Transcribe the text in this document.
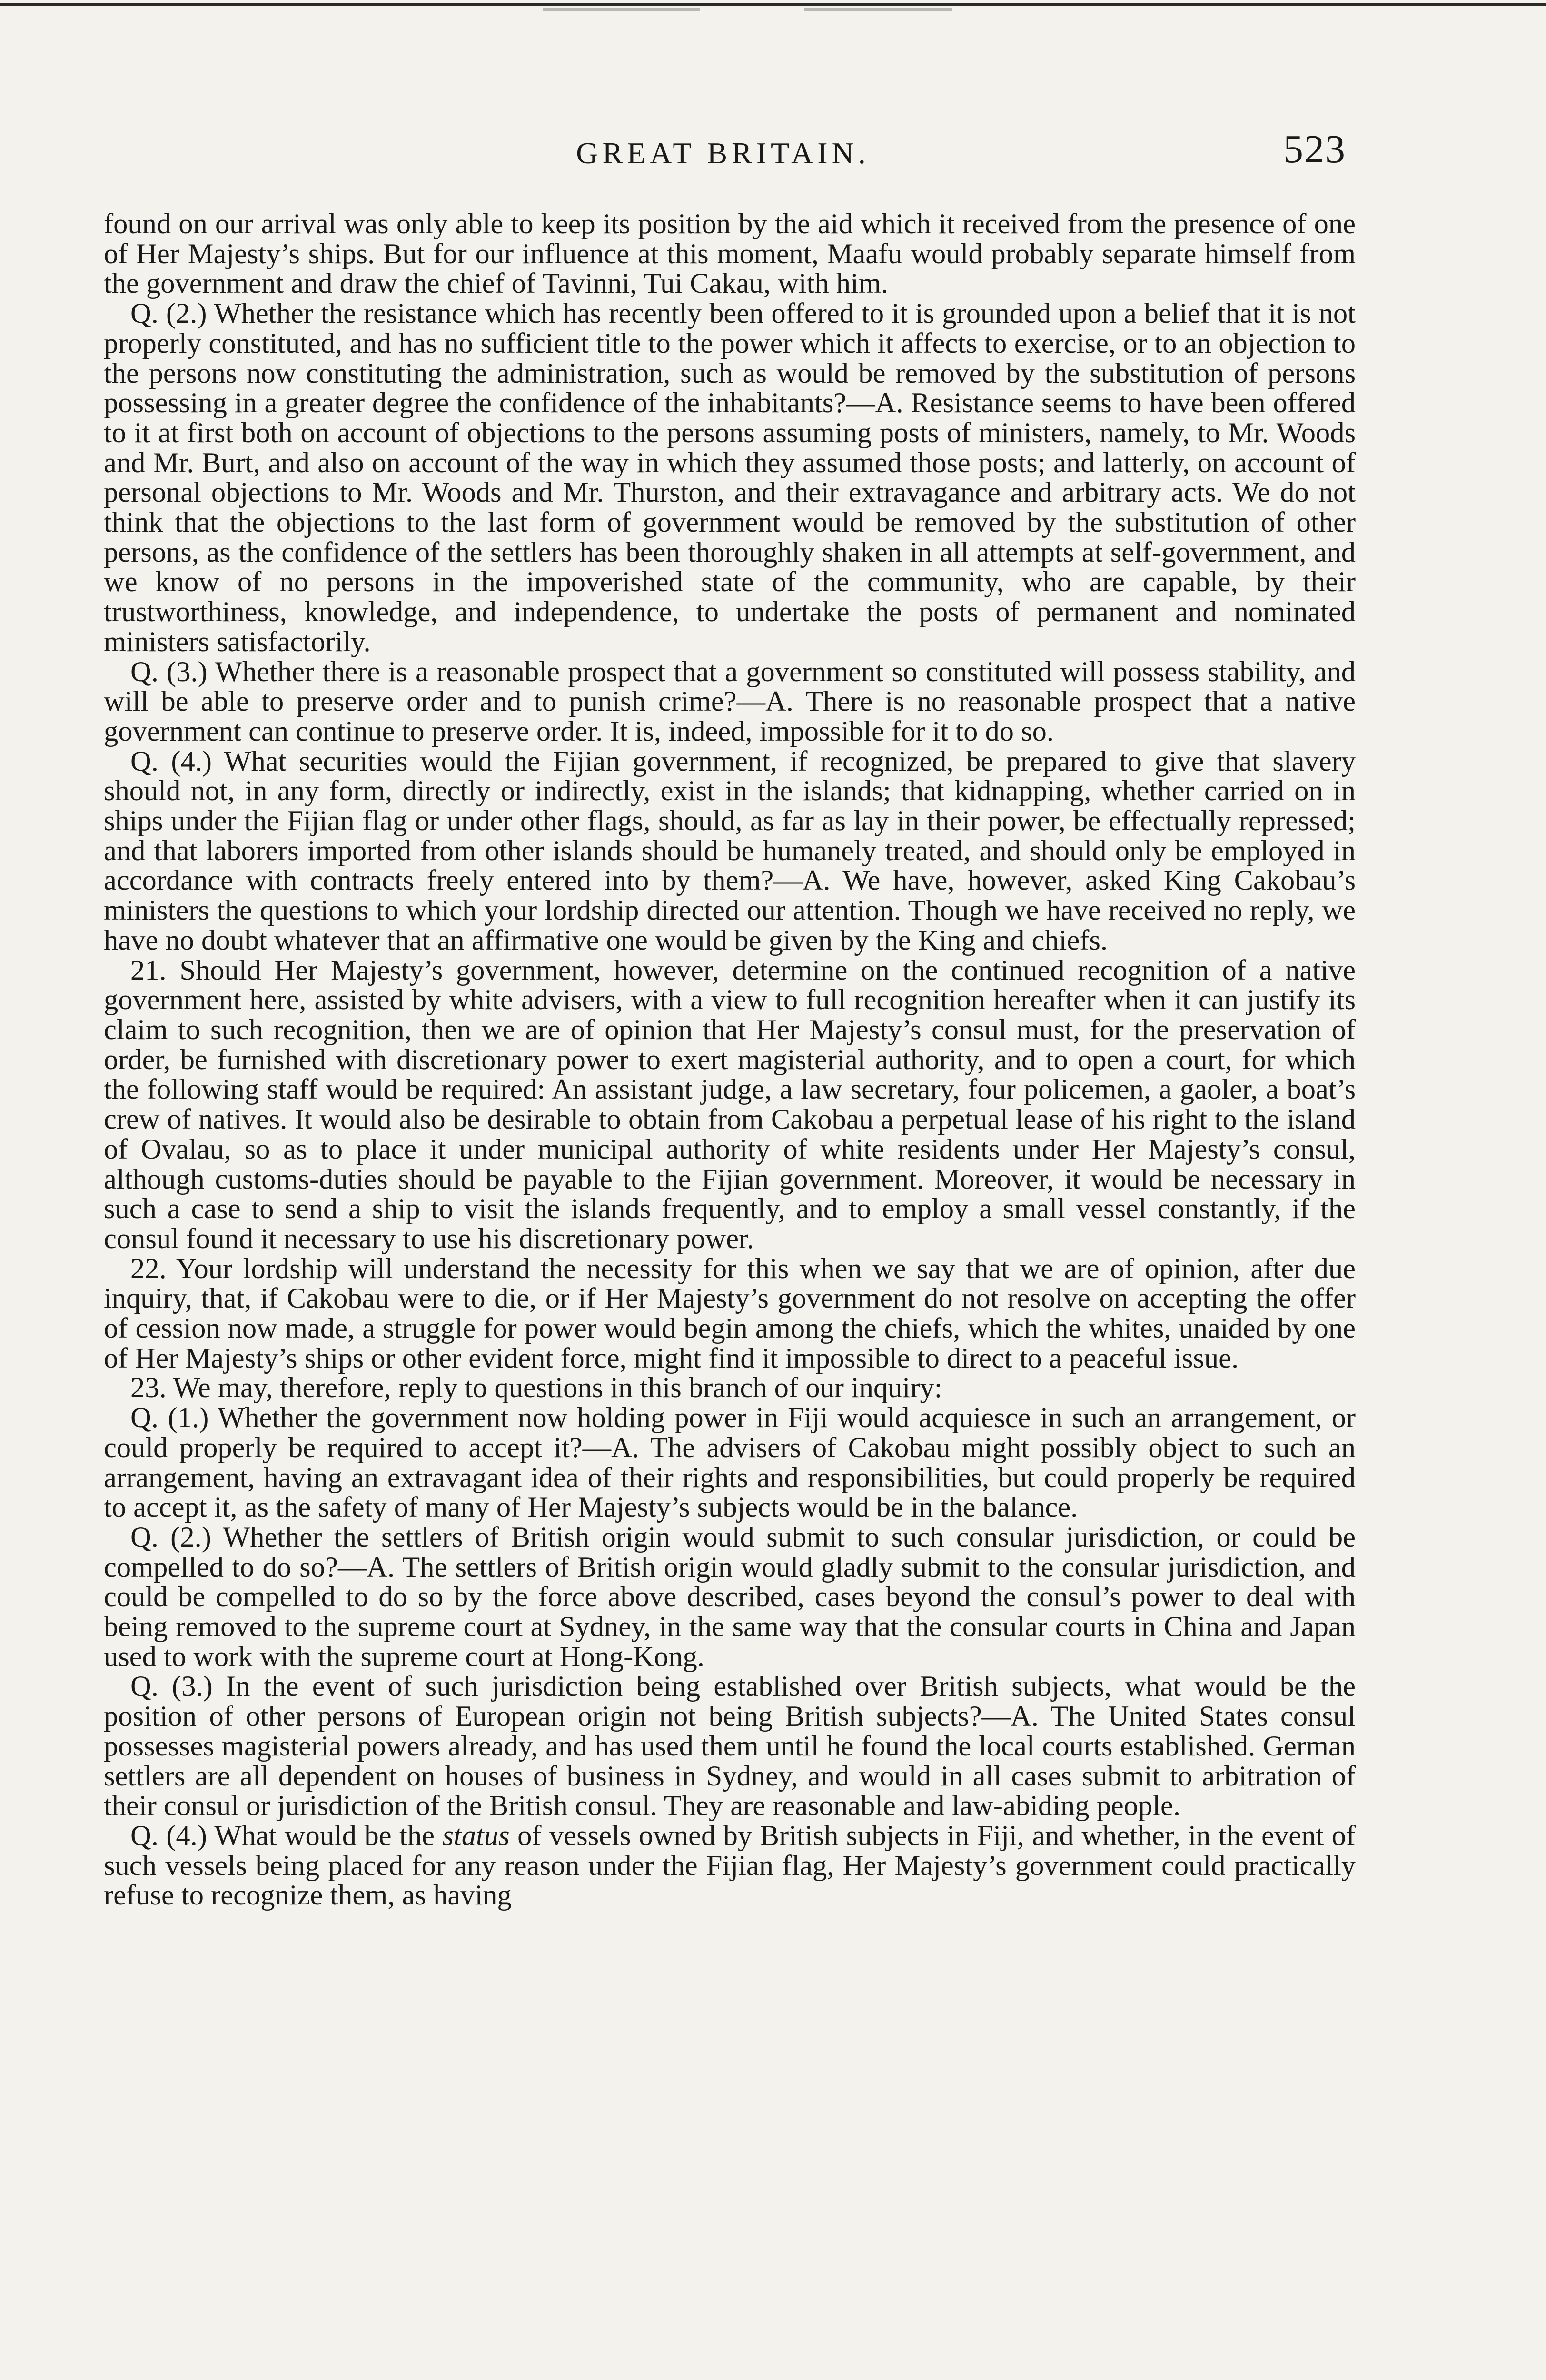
GREAT BRITAIN.	523

found on our arrival was only able to keep its position by the aid which it received from the presence of one of Her Majesty’s ships. But for our influence at this moment, Maafu would probably separate himself from the government and draw the chief of Tavinni, Tui Cakau, with him.

Q. (2.) Whether the resistance which has recently been offered to it is grounded upon a belief that it is not properly constituted, and has no sufficient title to the power which it affects to exercise, or to an objection to the persons now constituting the administration, such as would be removed by the substitution of persons possessing in a greater degree the confidence of the inhabitants?—A. Resistance seems to have been offered to it at first both on account of objections to the persons assuming posts of ministers, namely, to Mr. Woods and Mr. Burt, and also on account of the way in which they assumed those posts; and latterly, on account of personal objections to Mr. Woods and Mr. Thurston, and their extravagance and arbitrary acts. We do not think that the objections to the last form of government would be removed by the substitution of other persons, as the confidence of the settlers has been thoroughly shaken in all attempts at self-government, and we know of no persons in the impoverished state of the community, who are capable, by their trustworthiness, knowledge, and independence, to undertake the posts of permanent and nominated ministers satisfactorily.

Q. (3.) Whether there is a reasonable prospect that a government so constituted will possess stability, and will be able to preserve order and to punish crime?—A. There is no reasonable prospect that a native government can continue to preserve order. It is, indeed, impossible for it to do so.

Q. (4.) What securities would the Fijian government, if recognized, be prepared to give that slavery should not, in any form, directly or indirectly, exist in the islands; that kidnapping, whether carried on in ships under the Fijian flag or under other flags, should, as far as lay in their power, be effectually repressed; and that laborers imported from other islands should be humanely treated, and should only be employed in accordance with contracts freely entered into by them?—A. We have, however, asked King Cakobau’s ministers the questions to which your lordship directed our attention. Though we have received no reply, we have no doubt whatever that an affirmative one would be given by the King and chiefs.

21. Should Her Majesty’s government, however, determine on the continued recognition of a native government here, assisted by white advisers, with a view to full recognition hereafter when it can justify its claim to such recognition, then we are of opinion that Her Majesty’s consul must, for the preservation of order, be furnished with discretionary power to exert magisterial authority, and to open a court, for which the following staff would be required: An assistant judge, a law secretary, four policemen, a gaoler, a boat’s crew of natives. It would also be desirable to obtain from Cakobau a perpetual lease of his right to the island of Ovalau, so as to place it under municipal authority of white residents under Her Majesty’s consul, although customs-duties should be payable to the Fijian government. Moreover, it would be necessary in such a case to send a ship to visit the islands frequently, and to employ a small vessel constantly, if the consul found it necessary to use his discretionary power.

22. Your lordship will understand the necessity for this when we say that we are of opinion, after due inquiry, that, if Cakobau were to die, or if Her Majesty’s government do not resolve on accepting the offer of cession now made, a struggle for power would begin among the chiefs, which the whites, unaided by one of Her Majesty’s ships or other evident force, might find it impossible to direct to a peaceful issue.

23. We may, therefore, reply to questions in this branch of our inquiry:

Q. (1.) Whether the government now holding power in Fiji would acquiesce in such an arrangement, or could properly be required to accept it?—A. The advisers of Cakobau might possibly object to such an arrangement, having an extravagant idea of their rights and responsibilities, but could properly be required to accept it, as the safety of many of Her Majesty’s subjects would be in the balance.

Q. (2.) Whether the settlers of British origin would submit to such consular jurisdiction, or could be compelled to do so?—A. The settlers of British origin would gladly submit to the consular jurisdiction, and could be compelled to do so by the force above described, cases beyond the consul’s power to deal with being removed to the supreme court at Sydney, in the same way that the consular courts in China and Japan used to work with the supreme court at Hong-Kong.

Q. (3.) In the event of such jurisdiction being established over British subjects, what would be the position of other persons of European origin not being British subjects?—A. The United States consul possesses magisterial powers already, and has used them until he found the local courts established. German settlers are all dependent on houses of business in Sydney, and would in all cases submit to arbitration of their consul or jurisdiction of the British consul. They are reasonable and law-abiding people.

Q. (4.) What would be the status of vessels owned by British subjects in Fiji, and whether, in the event of such vessels being placed for any reason under the Fijian flag, Her Majesty’s government could practically refuse to recognize them, as having
